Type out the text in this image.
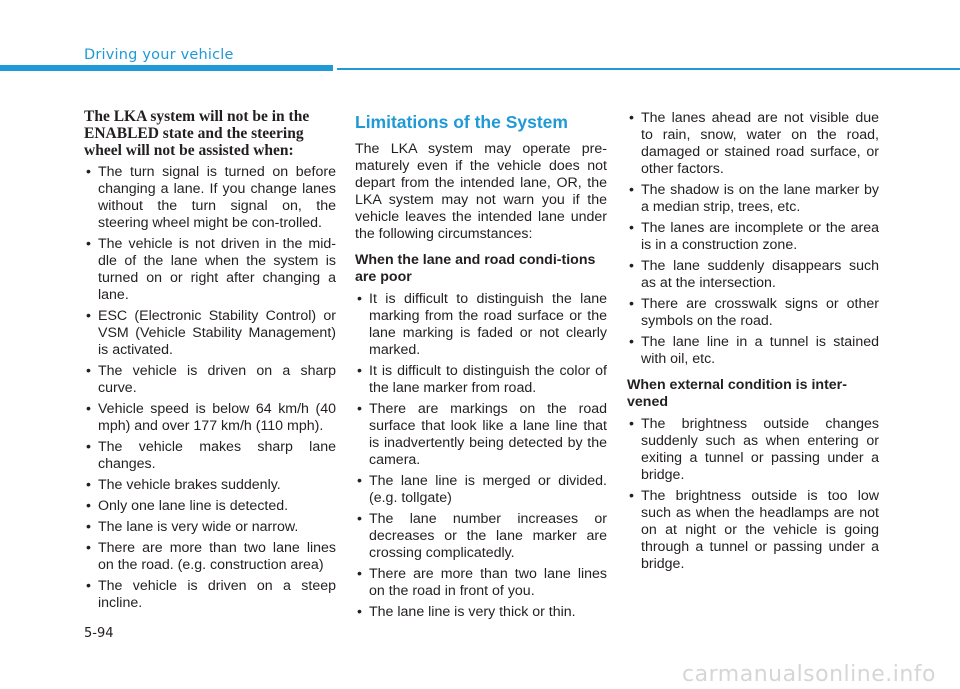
Driving your vehicle
The LKA system will not be in the ENABLED state and the steering wheel will not be assisted when:
• The turn signal is turned on before changing a lane. If you change lanes without the turn signal on, the steering wheel might be con-trolled.
• The vehicle is not driven in the mid-dle of the lane when the system is turned on or right after changing a lane.
• ESC (Electronic Stability Control) or VSM (Vehicle Stability Management) is activated.
• The vehicle is driven on a sharp curve.
• Vehicle speed is below 64 km/h (40 mph) and over 177 km/h (110 mph).
• The vehicle makes sharp lane changes.
• The vehicle brakes suddenly.
• Only one lane line is detected.
• The lane is very wide or narrow.
• There are more than two lane lines on the road. (e.g. construction area)
• The vehicle is driven on a steep incline.
Limitations of the System

The LKA system may operate pre-maturely even if the vehicle does not depart from the intended lane, OR, the LKA system may not warn you if the vehicle leaves the intended lane under the following circumstances:

When the lane and road condi-tions are poor
• It is difficult to distinguish the lane marking from the road surface or the lane marking is faded or not clearly marked.
• It is difficult to distinguish the color of the lane marker from road.
• There are markings on the road surface that look like a lane line that is inadvertently being detected by the camera.
• The lane line is merged or divided. (e.g. tollgate)
• The lane number increases or decreases or the lane marker are crossing complicatedly.
• There are more than two lane lines on the road in front of you.
• The lane line is very thick or thin.
• The lanes ahead are not visible due to rain, snow, water on the road, damaged or stained road surface, or other factors.
• The shadow is on the lane marker by a median strip, trees, etc.
• The lanes are incomplete or the area is in a construction zone.
• The lane suddenly disappears such as at the intersection.
• There are crosswalk signs or other symbols on the road.
• The lane line in a tunnel is stained with oil, etc.
When external condition is inter-vened
• The brightness outside changes suddenly such as when entering or exiting a tunnel or passing under a bridge.
• The brightness outside is too low such as when the headlamps are not on at night or the vehicle is going through a tunnel or passing under a bridge.
5-94
carmanualsonline.info
